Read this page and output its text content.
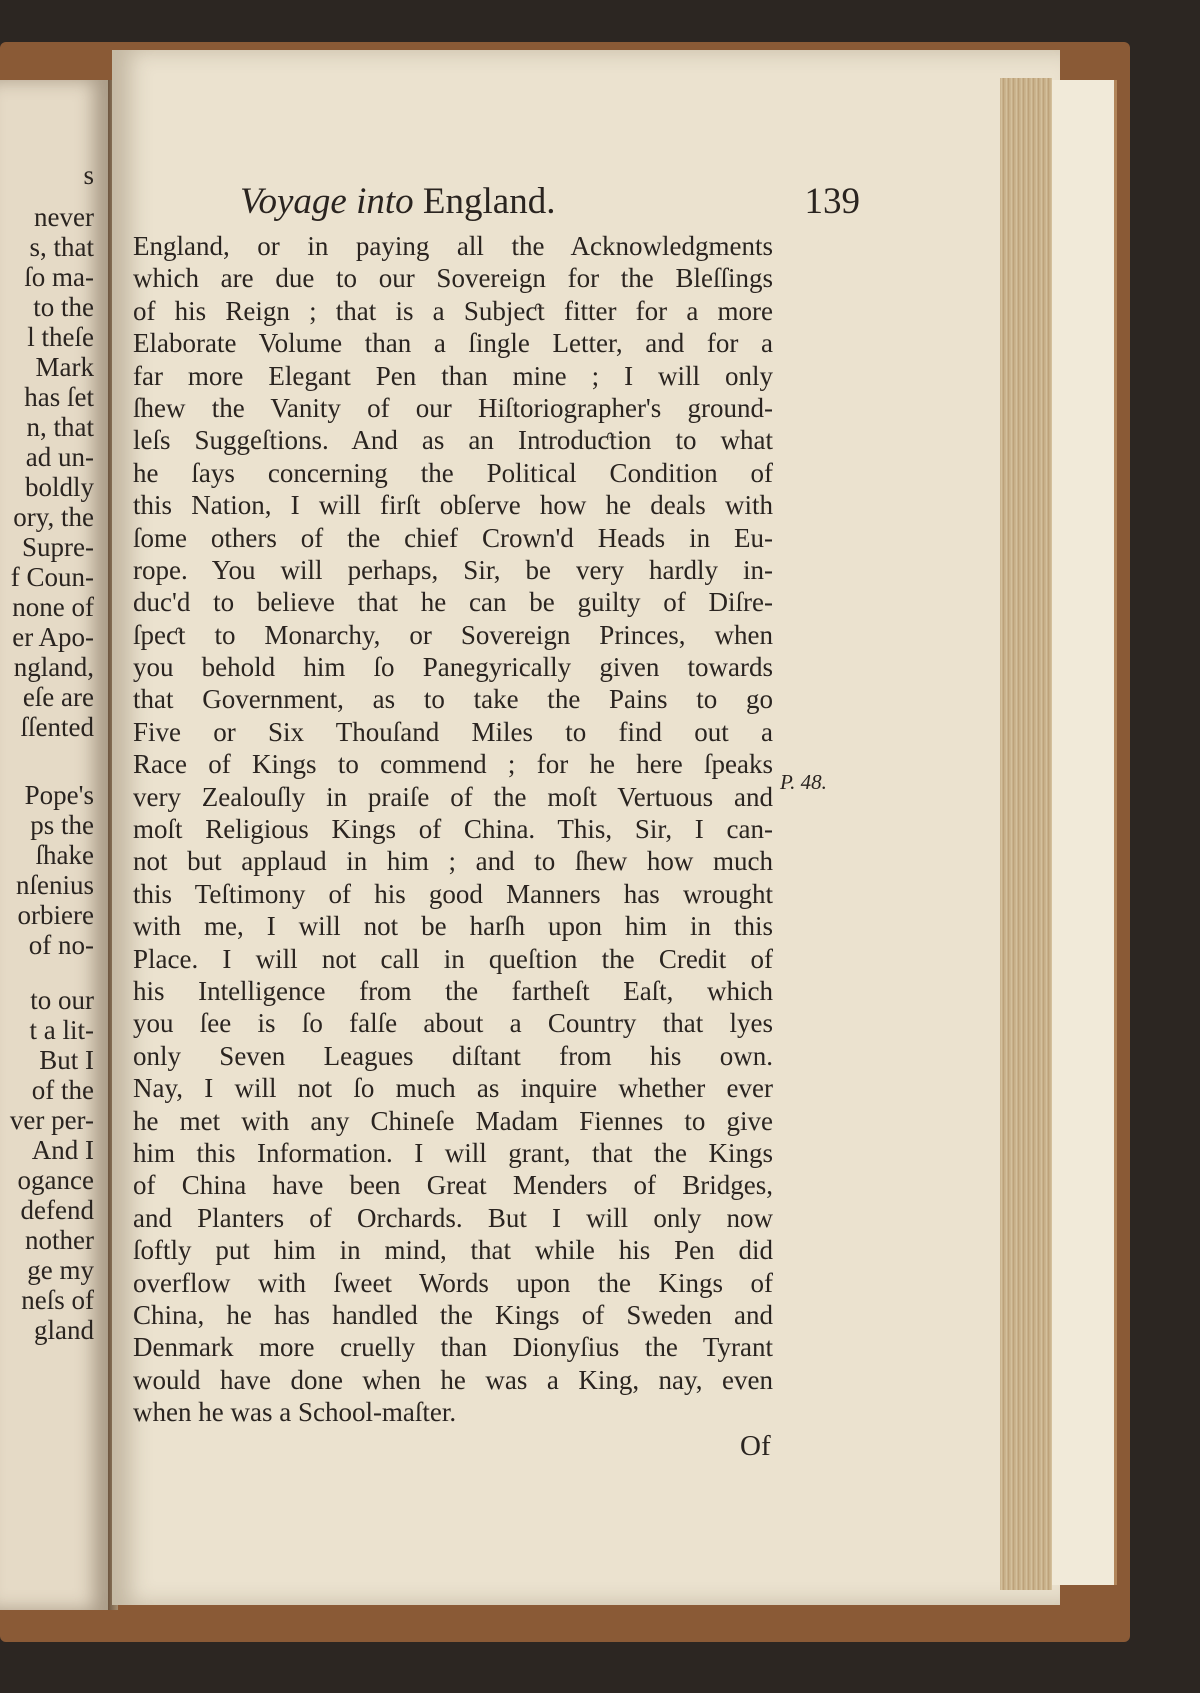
s
never
s, that
ſo ma-
to the
l theſe
Mark
has ſet
n, that
ad un-
boldly
ory, the
Supre-
f Coun-
none of
er Apo-
ngland,
eſe are
ſſented
Pope's
ps the
ſhake
nſenius
orbiere
of no-
to our
t a lit-
But I
of the
ver per-
And I
ogance
defend
nother
ge my
neſs of
gland
Voyage into England.	139
England, or in paying all the Acknowledgments
which are due to our Sovereign for the Bleſſings
of his Reign ; that is a Subjeƈt fitter for a more
Elaborate Volume than a ſingle Letter, and for a
far more Elegant Pen than mine ; I will only
ſhew the Vanity of our Hiſtoriographer's ground-
leſs Suggeſtions. And as an Introduƈtion to what
he ſays concerning the Political Condition of
this Nation, I will firſt obſerve how he deals with
ſome others of the chief Crown'd Heads in Eu-
rope. You will perhaps, Sir, be very hardly in-
duc'd to believe that he can be guilty of Diſre-
ſpeƈt to Monarchy, or Sovereign Princes, when
you behold him ſo Panegyrically given towards
that Government, as to take the Pains to go
Five or Six Thouſand Miles to find out a
Race of Kings to commend ; for he here ſpeaks
very Zealouſly in praiſe of the moſt Vertuous and
moſt Religious Kings of China. This, Sir, I can-
not but applaud in him ; and to ſhew how much
this Teſtimony of his good Manners has wrought
with me, I will not be harſh upon him in this
Place. I will not call in queſtion the Credit of
his Intelligence from the fartheſt Eaſt, which
you ſee is ſo falſe about a Country that lyes
only Seven Leagues diſtant from his own.
Nay, I will not ſo much as inquire whether ever
he met with any Chineſe Madam Fiennes to give
him this Information. I will grant, that the Kings
of China have been Great Menders of Bridges,
and Planters of Orchards. But I will only now
ſoftly put him in mind, that while his Pen did
overflow with ſweet Words upon the Kings of
China, he has handled the Kings of Sweden and
Denmark more cruelly than Dionyſius the Tyrant
would have done when he was a King, nay, even
when he was a School-maſter.
P. 48.
Of
